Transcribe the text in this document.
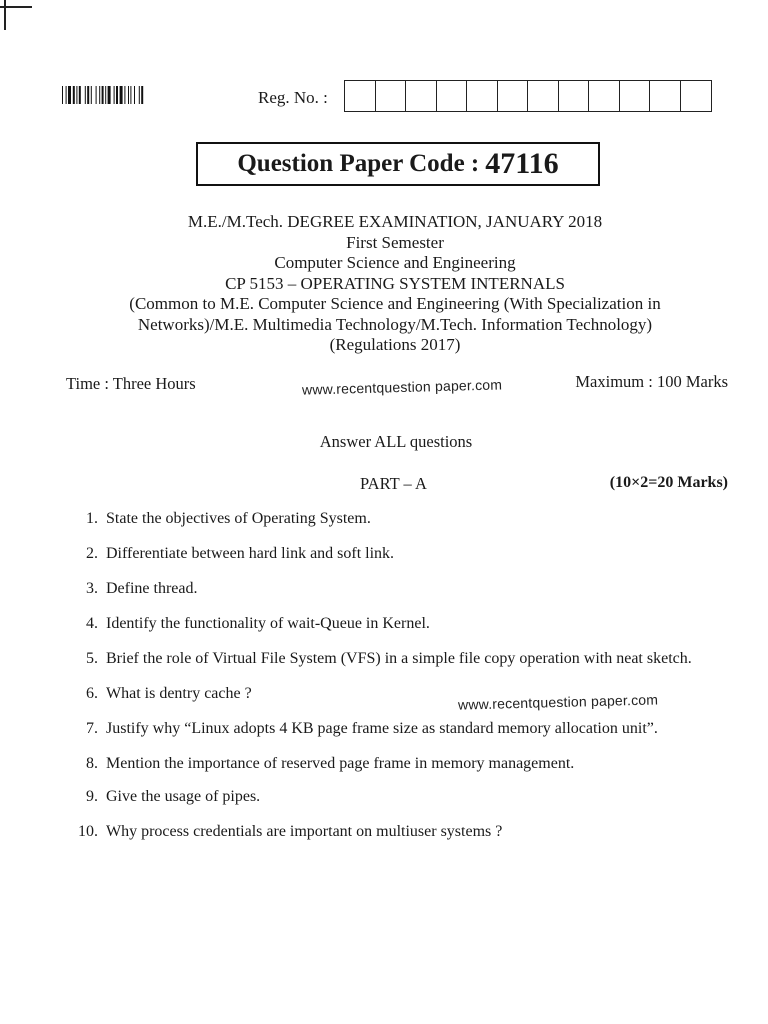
Reg. No. :
Question Paper Code : 47116
M.E./M.Tech. DEGREE EXAMINATION, JANUARY 2018
First Semester
Computer Science and Engineering
CP 5153 – OPERATING SYSTEM INTERNALS
(Common to M.E. Computer Science and Engineering (With Specialization in
Networks)/M.E. Multimedia Technology/M.Tech. Information Technology)
(Regulations 2017)
Time : Three Hours	www.recentquestion paper.com	Maximum : 100 Marks
Answer ALL questions
PART – A	(10×2=20 Marks)
1. State the objectives of Operating System.
2. Differentiate between hard link and soft link.
3. Define thread.
4. Identify the functionality of wait-Queue in Kernel.
5. Brief the role of Virtual File System (VFS) in a simple file copy operation with neat sketch.
6. What is dentry cache ?
7. Justify why “Linux adopts 4 KB page frame size as standard memory allocation unit”.
8. Mention the importance of reserved page frame in memory management.
9. Give the usage of pipes.
10. Why process credentials are important on multiuser systems ?
www.recentquestion paper.com
